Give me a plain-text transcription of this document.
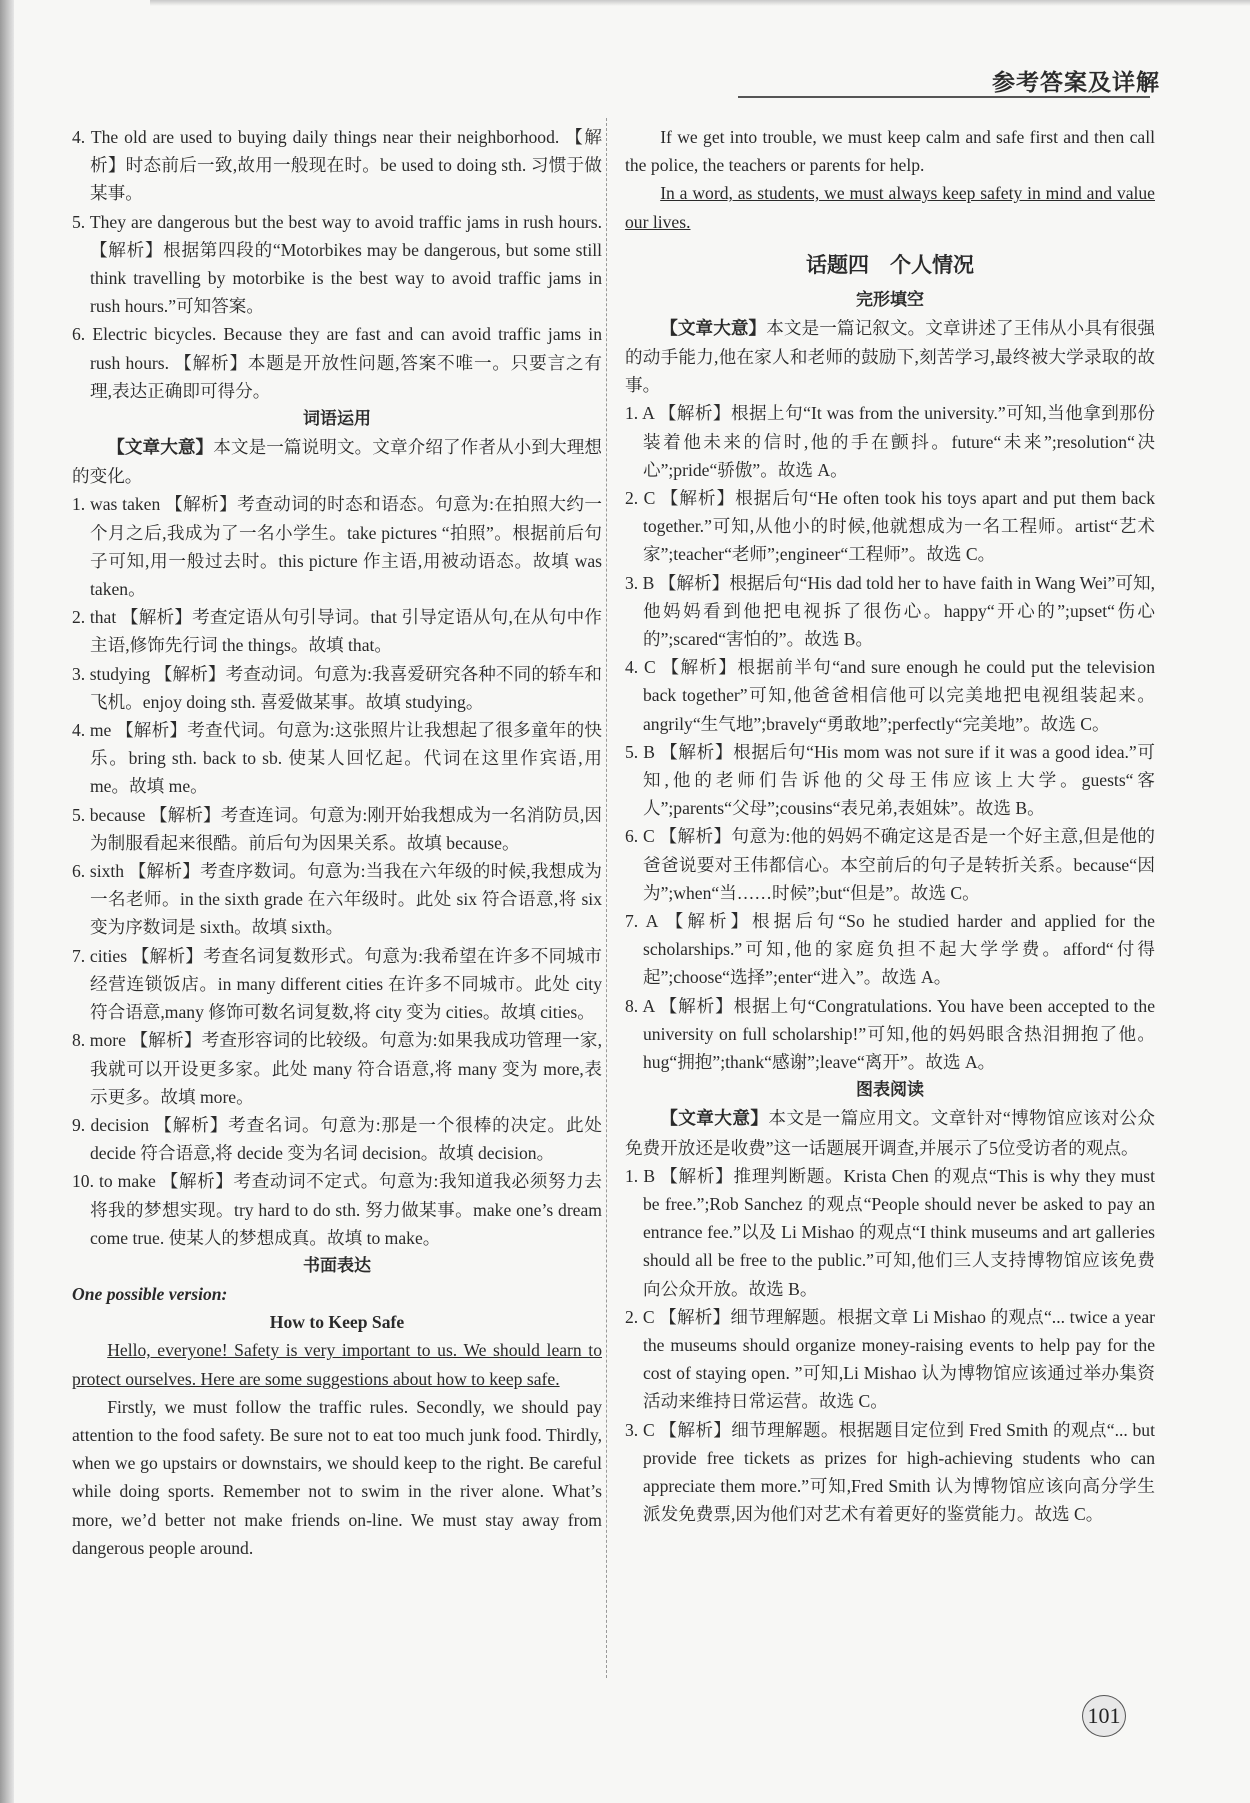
参考答案及详解
4. The old are used to buying daily things near their neighborhood. 【解析】时态前后一致,故用一般现在时。be used to doing sth. 习惯于做某事。
5. They are dangerous but the best way to avoid traffic jams in rush hours. 【解析】根据第四段的“Motorbikes may be dangerous, but some still think travelling by motorbike is the best way to avoid traffic jams in rush hours.”可知答案。
6. Electric bicycles. Because they are fast and can avoid traffic jams in rush hours. 【解析】本题是开放性问题,答案不唯一。只要言之有理,表达正确即可得分。
词语运用
【文章大意】本文是一篇说明文。文章介绍了作者从小到大理想的变化。
1. was taken 【解析】考查动词的时态和语态。句意为:在拍照大约一个月之后,我成为了一名小学生。take pictures “拍照”。根据前后句子可知,用一般过去时。this picture 作主语,用被动语态。故填 was taken。
2. that 【解析】考查定语从句引导词。that 引导定语从句,在从句中作主语,修饰先行词 the things。故填 that。
3. studying 【解析】考查动词。句意为:我喜爱研究各种不同的轿车和飞机。enjoy doing sth. 喜爱做某事。故填 studying。
4. me 【解析】考查代词。句意为:这张照片让我想起了很多童年的快乐。bring sth. back to sb. 使某人回忆起。代词在这里作宾语,用 me。故填 me。
5. because 【解析】考查连词。句意为:刚开始我想成为一名消防员,因为制服看起来很酷。前后句为因果关系。故填 because。
6. sixth 【解析】考查序数词。句意为:当我在六年级的时候,我想成为一名老师。in the sixth grade 在六年级时。此处 six 符合语意,将 six 变为序数词是 sixth。故填 sixth。
7. cities 【解析】考查名词复数形式。句意为:我希望在许多不同城市经营连锁饭店。in many different cities 在许多不同城市。此处 city 符合语意,many 修饰可数名词复数,将 city 变为 cities。故填 cities。
8. more 【解析】考查形容词的比较级。句意为:如果我成功管理一家,我就可以开设更多家。此处 many 符合语意,将 many 变为 more,表示更多。故填 more。
9. decision 【解析】考查名词。句意为:那是一个很棒的决定。此处 decide 符合语意,将 decide 变为名词 decision。故填 decision。
10. to make 【解析】考查动词不定式。句意为:我知道我必须努力去将我的梦想实现。try hard to do sth. 努力做某事。make one’s dream come true. 使某人的梦想成真。故填 to make。
书面表达
One possible version:
How to Keep Safe
Hello, everyone! Safety is very important to us. We should learn to protect ourselves. Here are some suggestions about how to keep safe.
Firstly, we must follow the traffic rules. Secondly, we should pay attention to the food safety. Be sure not to eat too much junk food. Thirdly, when we go upstairs or downstairs, we should keep to the right. Be careful while doing sports. Remember not to swim in the river alone. What’s more, we’d better not make friends on-line. We must stay away from dangerous people around.
If we get into trouble, we must keep calm and safe first and then call the police, the teachers or parents for help.
In a word, as students, we must always keep safety in mind and value our lives.
话题四　个人情况
完形填空
【文章大意】本文是一篇记叙文。文章讲述了王伟从小具有很强的动手能力,他在家人和老师的鼓励下,刻苦学习,最终被大学录取的故事。
1. A 【解析】根据上句“It was from the university.”可知,当他拿到那份装着他未来的信时,他的手在颤抖。future“未来”;resolution“决心”;pride“骄傲”。故选 A。
2. C 【解析】根据后句“He often took his toys apart and put them back together.”可知,从他小的时候,他就想成为一名工程师。artist“艺术家”;teacher“老师”;engineer“工程师”。故选 C。
3. B 【解析】根据后句“His dad told her to have faith in Wang Wei”可知,他妈妈看到他把电视拆了很伤心。happy“开心的”;upset“伤心的”;scared“害怕的”。故选 B。
4. C 【解析】根据前半句“and sure enough he could put the television back together”可知,他爸爸相信他可以完美地把电视组装起来。angrily“生气地”;bravely“勇敢地”;perfectly“完美地”。故选 C。
5. B 【解析】根据后句“His mom was not sure if it was a good idea.”可知,他的老师们告诉他的父母王伟应该上大学。guests“客人”;parents“父母”;cousins“表兄弟,表姐妹”。故选 B。
6. C 【解析】句意为:他的妈妈不确定这是否是一个好主意,但是他的爸爸说要对王伟都信心。本空前后的句子是转折关系。because“因为”;when“当……时候”;but“但是”。故选 C。
7. A 【解析】根据后句“So he studied harder and applied for the scholarships.”可知,他的家庭负担不起大学学费。afford“付得起”;choose“选择”;enter“进入”。故选 A。
8. A 【解析】根据上句“Congratulations. You have been accepted to the university on full scholarship!”可知,他的妈妈眼含热泪拥抱了他。hug“拥抱”;thank“感谢”;leave“离开”。故选 A。
图表阅读
【文章大意】本文是一篇应用文。文章针对“博物馆应该对公众免费开放还是收费”这一话题展开调查,并展示了5位受访者的观点。
1. B 【解析】推理判断题。Krista Chen 的观点“This is why they must be free.”;Rob Sanchez 的观点“People should never be asked to pay an entrance fee.”以及 Li Mishao 的观点“I think museums and art galleries should all be free to the public.”可知,他们三人支持博物馆应该免费向公众开放。故选 B。
2. C 【解析】细节理解题。根据文章 Li Mishao 的观点“... twice a year the museums should organize money-raising events to help pay for the cost of staying open. ”可知,Li Mishao 认为博物馆应该通过举办集资活动来维持日常运营。故选 C。
3. C 【解析】细节理解题。根据题目定位到 Fred Smith 的观点“... but provide free tickets as prizes for high-achieving students who can appreciate them more.”可知,Fred Smith 认为博物馆应该向高分学生派发免费票,因为他们对艺术有着更好的鉴赏能力。故选 C。
101
